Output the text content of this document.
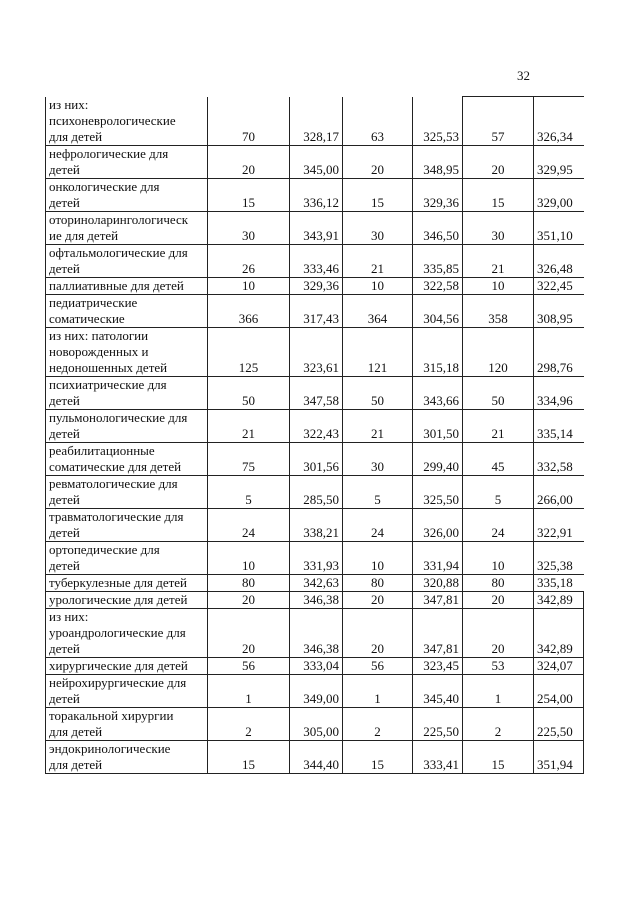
32
из них:
психоневрологические
для детей	70	328,17	63	325,53	57	326,34

нефрологические для
детей	20	345,00	20	348,95	20	329,95

онкологические для
детей	15	336,12	15	329,36	15	329,00

оториноларингологическ
ие для детей	30	343,91	30	346,50	30	351,10

офтальмологические для
детей	26	333,46	21	335,85	21	326,48

паллиативные для детей	10	329,36	10	322,58	10	322,45

педиатрические
соматические	366	317,43	364	304,56	358	308,95

из них: патологии
новорожденных и
недоношенных детей	125	323,61	121	315,18	120	298,76

психиатрические для
детей	50	347,58	50	343,66	50	334,96

пульмонологические для
детей	21	322,43	21	301,50	21	335,14

реабилитационные
соматические для детей	75	301,56	30	299,40	45	332,58

ревматологические для
детей	5	285,50	5	325,50	5	266,00

травматологические для
детей	24	338,21	24	326,00	24	322,91

ортопедические для
детей	10	331,93	10	331,94	10	325,38

туберкулезные для детей	80	342,63	80	320,88	80	335,18

урологические для детей	20	346,38	20	347,81	20	342,89

из них:
уроандрологические для
детей	20	346,38	20	347,81	20	342,89

хирургические для детей	56	333,04	56	323,45	53	324,07

нейрохирургические для
детей	1	349,00	1	345,40	1	254,00

торакальной хирургии
для детей	2	305,00	2	225,50	2	225,50

эндокринологические
для детей	15	344,40	15	333,41	15	351,94
